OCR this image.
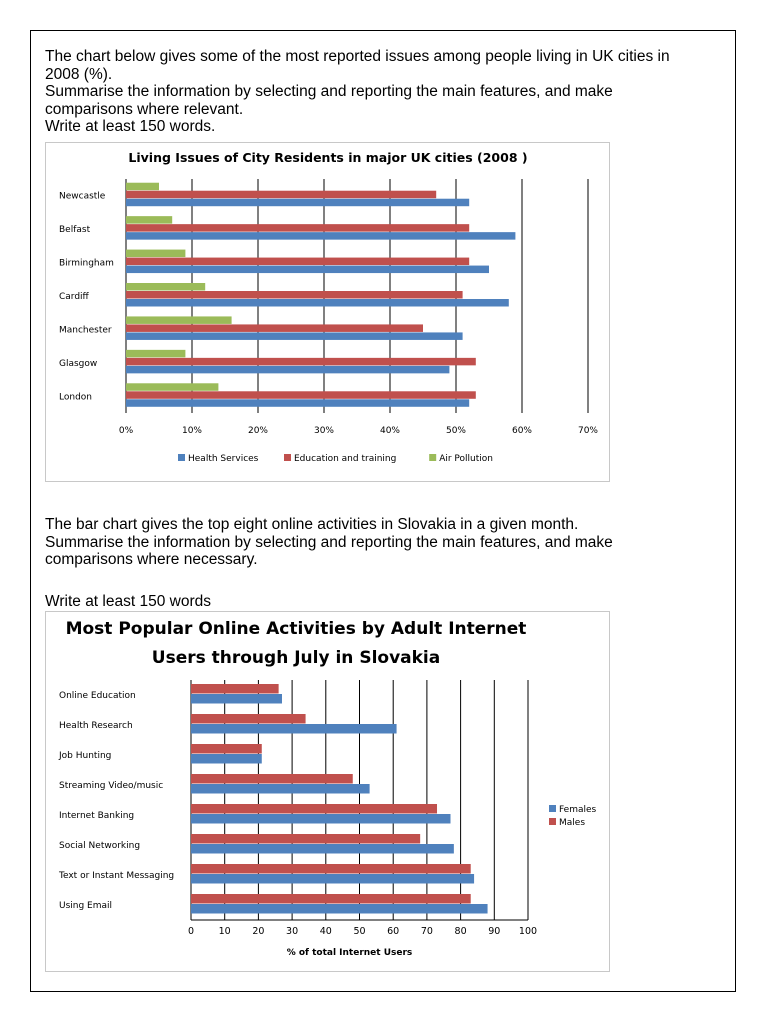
The chart below gives some of the most reported issues among people living in UK cities in
2008 (%).
Summarise the information by selecting and reporting the main features, and make
comparisons where relevant.
Write at least 150 words.
Living Issues of City Residents in major UK cities (2008 )
0%	10%	20%	30%	40%	50%	60%	70%
Newcastle
Belfast
Birmingham
Cardiff
Manchester
Glasgow
London
Health Services	Education and training	Air Pollution
The bar chart gives the top eight online activities in Slovakia in a given month.
Summarise the information by selecting and reporting the main features, and make
comparisons where necessary.
Write at least 150 words
Most Popular Online Activities by Adult Internet
Users through July in Slovakia
0	10 20 30 40 50 60 70 80 90 100
% of total Internet Users
Online Education
Health Research
Job Hunting
Streaming Video/music
Internet Banking
Social Networking
Text or Instant Messaging
Using Email
Females
Males
